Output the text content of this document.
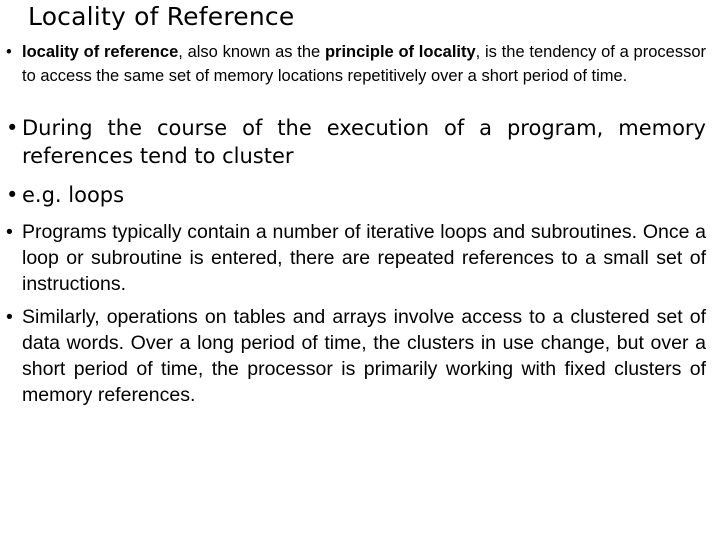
Locality of Reference

• locality of reference, also known as the principle of locality, is the tendency of a processor to access the same set of memory locations repetitively over a short period of time.

• During the course of the execution of a program, memory references tend to cluster

• e.g. loops

• Programs typically contain a number of iterative loops and subroutines. Once a loop or subroutine is entered, there are repeated references to a small set of instructions.

• Similarly, operations on tables and arrays involve access to a clustered set of data words. Over a long period of time, the clusters in use change, but over a short period of time, the processor is primarily working with fixed clusters of memory references.
